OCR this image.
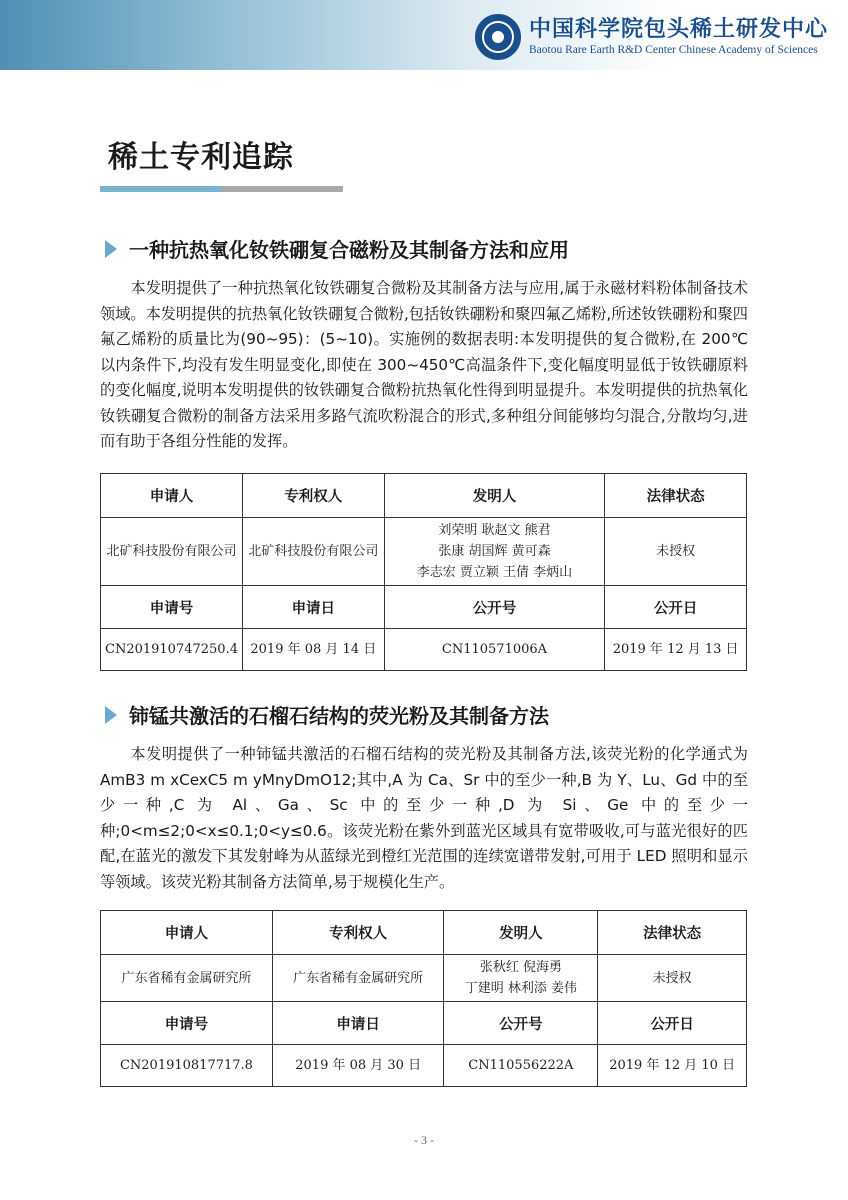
中国科学院包头稀土研发中心
Baotou Rare Earth R&D Center Chinese Academy of Sciences
稀土专利追踪
一种抗热氧化钕铁硼复合磁粉及其制备方法和应用

本发明提供了一种抗热氧化钕铁硼复合微粉及其制备方法与应用,属于永磁材料粉体制备技术领域。本发明提供的抗热氧化钕铁硼复合微粉,包括钕铁硼粉和聚四氟乙烯粉,所述钕铁硼粉和聚四氟乙烯粉的质量比为(90~95)：(5~10)。实施例的数据表明:本发明提供的复合微粉,在 200℃以内条件下,均没有发生明显变化,即使在 300~450℃高温条件下,变化幅度明显低于钕铁硼原料的变化幅度,说明本发明提供的钕铁硼复合微粉抗热氧化性得到明显提升。本发明提供的抗热氧化钕铁硼复合微粉的制备方法采用多路气流吹粉混合的形式,多种组分间能够均匀混合,分散均匀,进而有助于各组分性能的发挥。

申请人	专利权人	发明人	法律状态
北矿科技股份有限公司	北矿科技股份有限公司	刘荣明 耿赵文 熊君
张康 胡国辉 黄可森
李志宏 贾立颖 王倩 李炳山	未授权
申请号	申请日	公开号	公开日
CN201910747250.4	2019 年 08 月 14 日	CN110571006A	2019 年 12 月 13 日
铈锰共激活的石榴石结构的荧光粉及其制备方法

本发明提供了一种铈锰共激活的石榴石结构的荧光粉及其制备方法,该荧光粉的化学通式为 AmB3 m xCexC5 m yMnyDmO12;其中,A 为 Ca、Sr 中的至少一种,B 为 Y、Lu、Gd 中的至少一种,C 为 Al、Ga、Sc 中的至少一种,D 为 Si、Ge 中的至少一种;0<m≤2;0<x≤0.1;0<y≤0.6。该荧光粉在紫外到蓝光区域具有宽带吸收,可与蓝光很好的匹配,在蓝光的激发下其发射峰为从蓝绿光到橙红光范围的连续宽谱带发射,可用于 LED 照明和显示等领域。该荧光粉其制备方法简单,易于规模化生产。

申请人	专利权人	发明人	法律状态
广东省稀有金属研究所	广东省稀有金属研究所	张秋红 倪海勇
丁建明 林利添 姜伟	未授权
申请号	申请日	公开号	公开日
CN201910817717.8	2019 年 08 月 30 日	CN110556222A	2019 年 12 月 10 日
- 3 -
